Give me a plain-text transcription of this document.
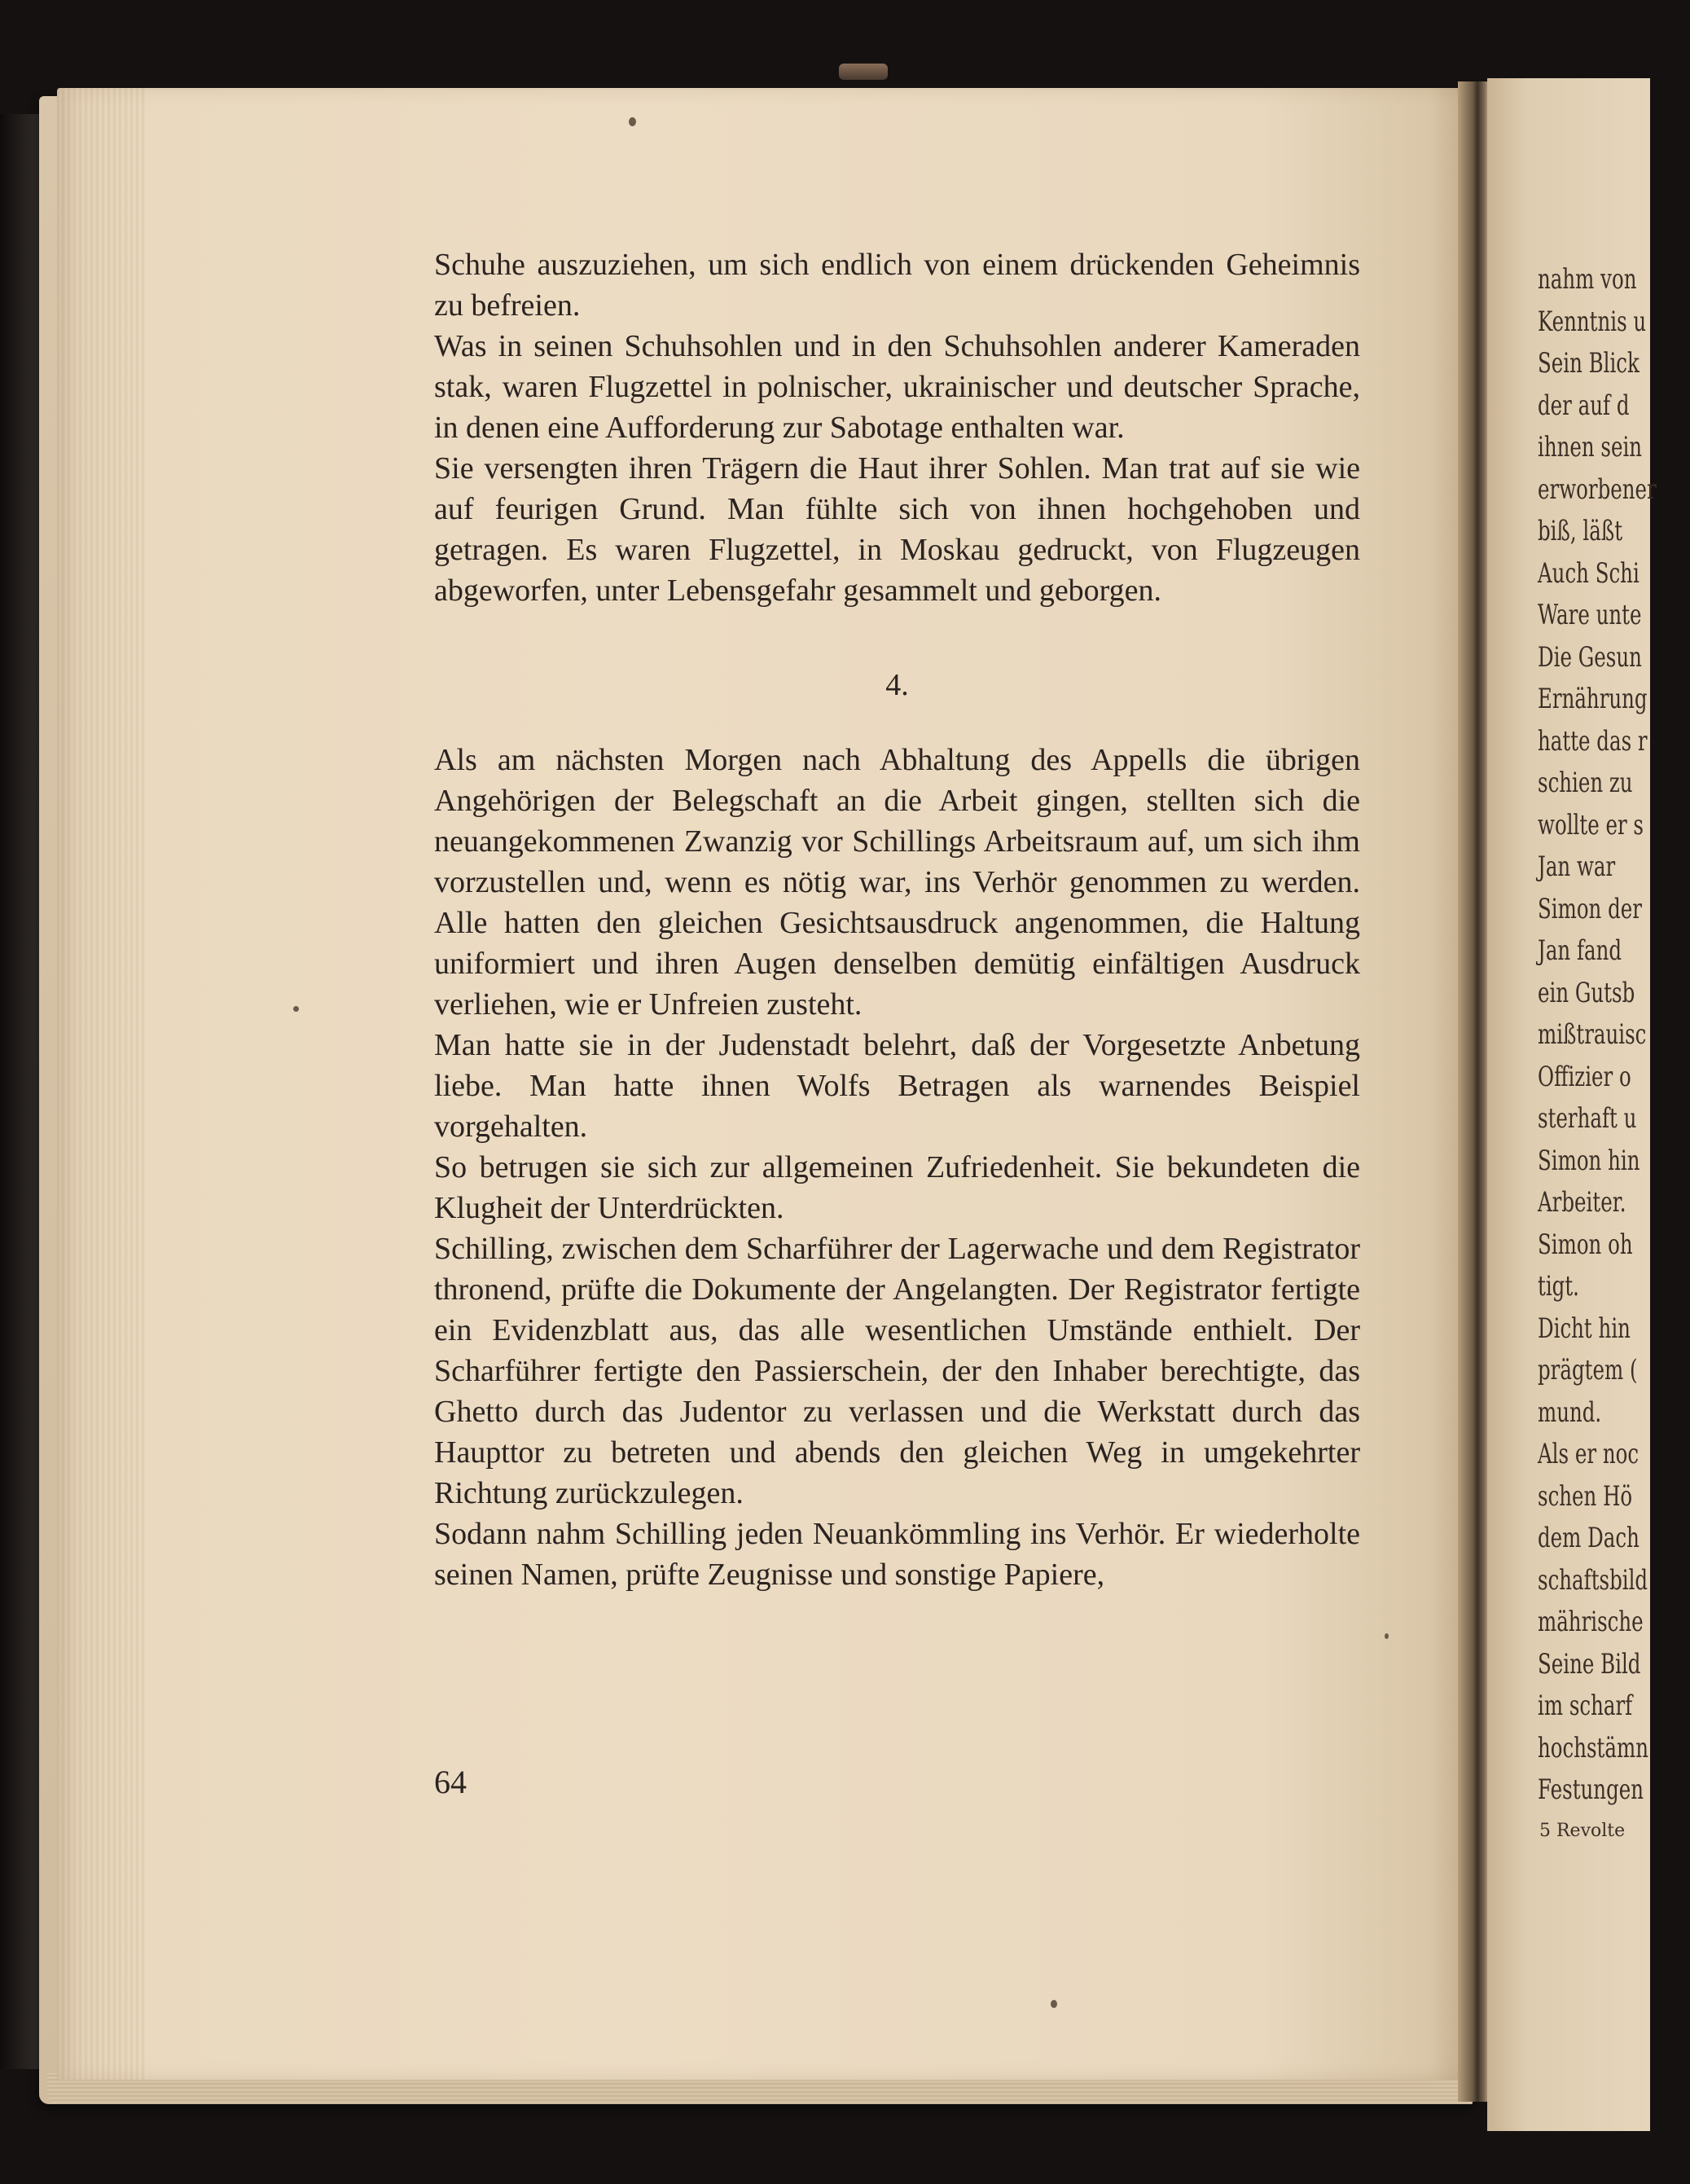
Schuhe auszuziehen, um sich endlich von einem drückenden Geheimnis zu befreien.

Was in seinen Schuhsohlen und in den Schuhsohlen anderer Kameraden stak, waren Flugzettel in polnischer, ukrainischer und deutscher Sprache, in denen eine Aufforderung zur Sabotage enthalten war.

Sie versengten ihren Trägern die Haut ihrer Sohlen. Man trat auf sie wie auf feurigen Grund. Man fühlte sich von ihnen hochgehoben und getragen. Es waren Flugzettel, in Moskau gedruckt, von Flugzeugen abgeworfen, unter Lebensgefahr gesammelt und geborgen.

4.

Als am nächsten Morgen nach Abhaltung des Appells die übrigen Angehörigen der Belegschaft an die Arbeit gingen, stellten sich die neuangekommenen Zwanzig vor Schillings Arbeitsraum auf, um sich ihm vorzustellen und, wenn es nötig war, ins Verhör genommen zu werden. Alle hatten den gleichen Gesichtsausdruck angenommen, die Haltung uniformiert und ihren Augen denselben demütig einfältigen Ausdruck verliehen, wie er Unfreien zusteht.

Man hatte sie in der Judenstadt belehrt, daß der Vorgesetzte Anbetung liebe. Man hatte ihnen Wolfs Betragen als warnendes Beispiel vorgehalten.

So betrugen sie sich zur allgemeinen Zufriedenheit. Sie bekundeten die Klugheit der Unterdrückten.

Schilling, zwischen dem Scharführer der Lagerwache und dem Registrator thronend, prüfte die Dokumente der Angelangten. Der Registrator fertigte ein Evidenzblatt aus, das alle wesentlichen Umstände enthielt. Der Scharführer fertigte den Passierschein, der den Inhaber berechtigte, das Ghetto durch das Judentor zu verlassen und die Werkstatt durch das Haupttor zu betreten und abends den gleichen Weg in umgekehrter Richtung zurückzulegen.

Sodann nahm Schilling jeden Neuankömmling ins Verhör. Er wiederholte seinen Namen, prüfte Zeugnisse und sonstige Papiere,

64
nahm von
Kenntnis u
Sein Blick
der auf d
ihnen sein
erworbener
biß, läßt
Auch Schi
Ware unte
Die Gesun
Ernährung
hatte das r
schien zu
wollte er s
Jan war
Simon der
Jan fand
ein Gutsb
mißtrauisc
Offizier o
sterhaft u
Simon hin
Arbeiter.
Simon oh
tigt.
Dicht hin
prägtem (
mund.
Als er noc
schen Hö
dem Dach
schaftsbild
mährische
Seine Bild
im scharf
hochstämn
Festungen
5 Revolte
